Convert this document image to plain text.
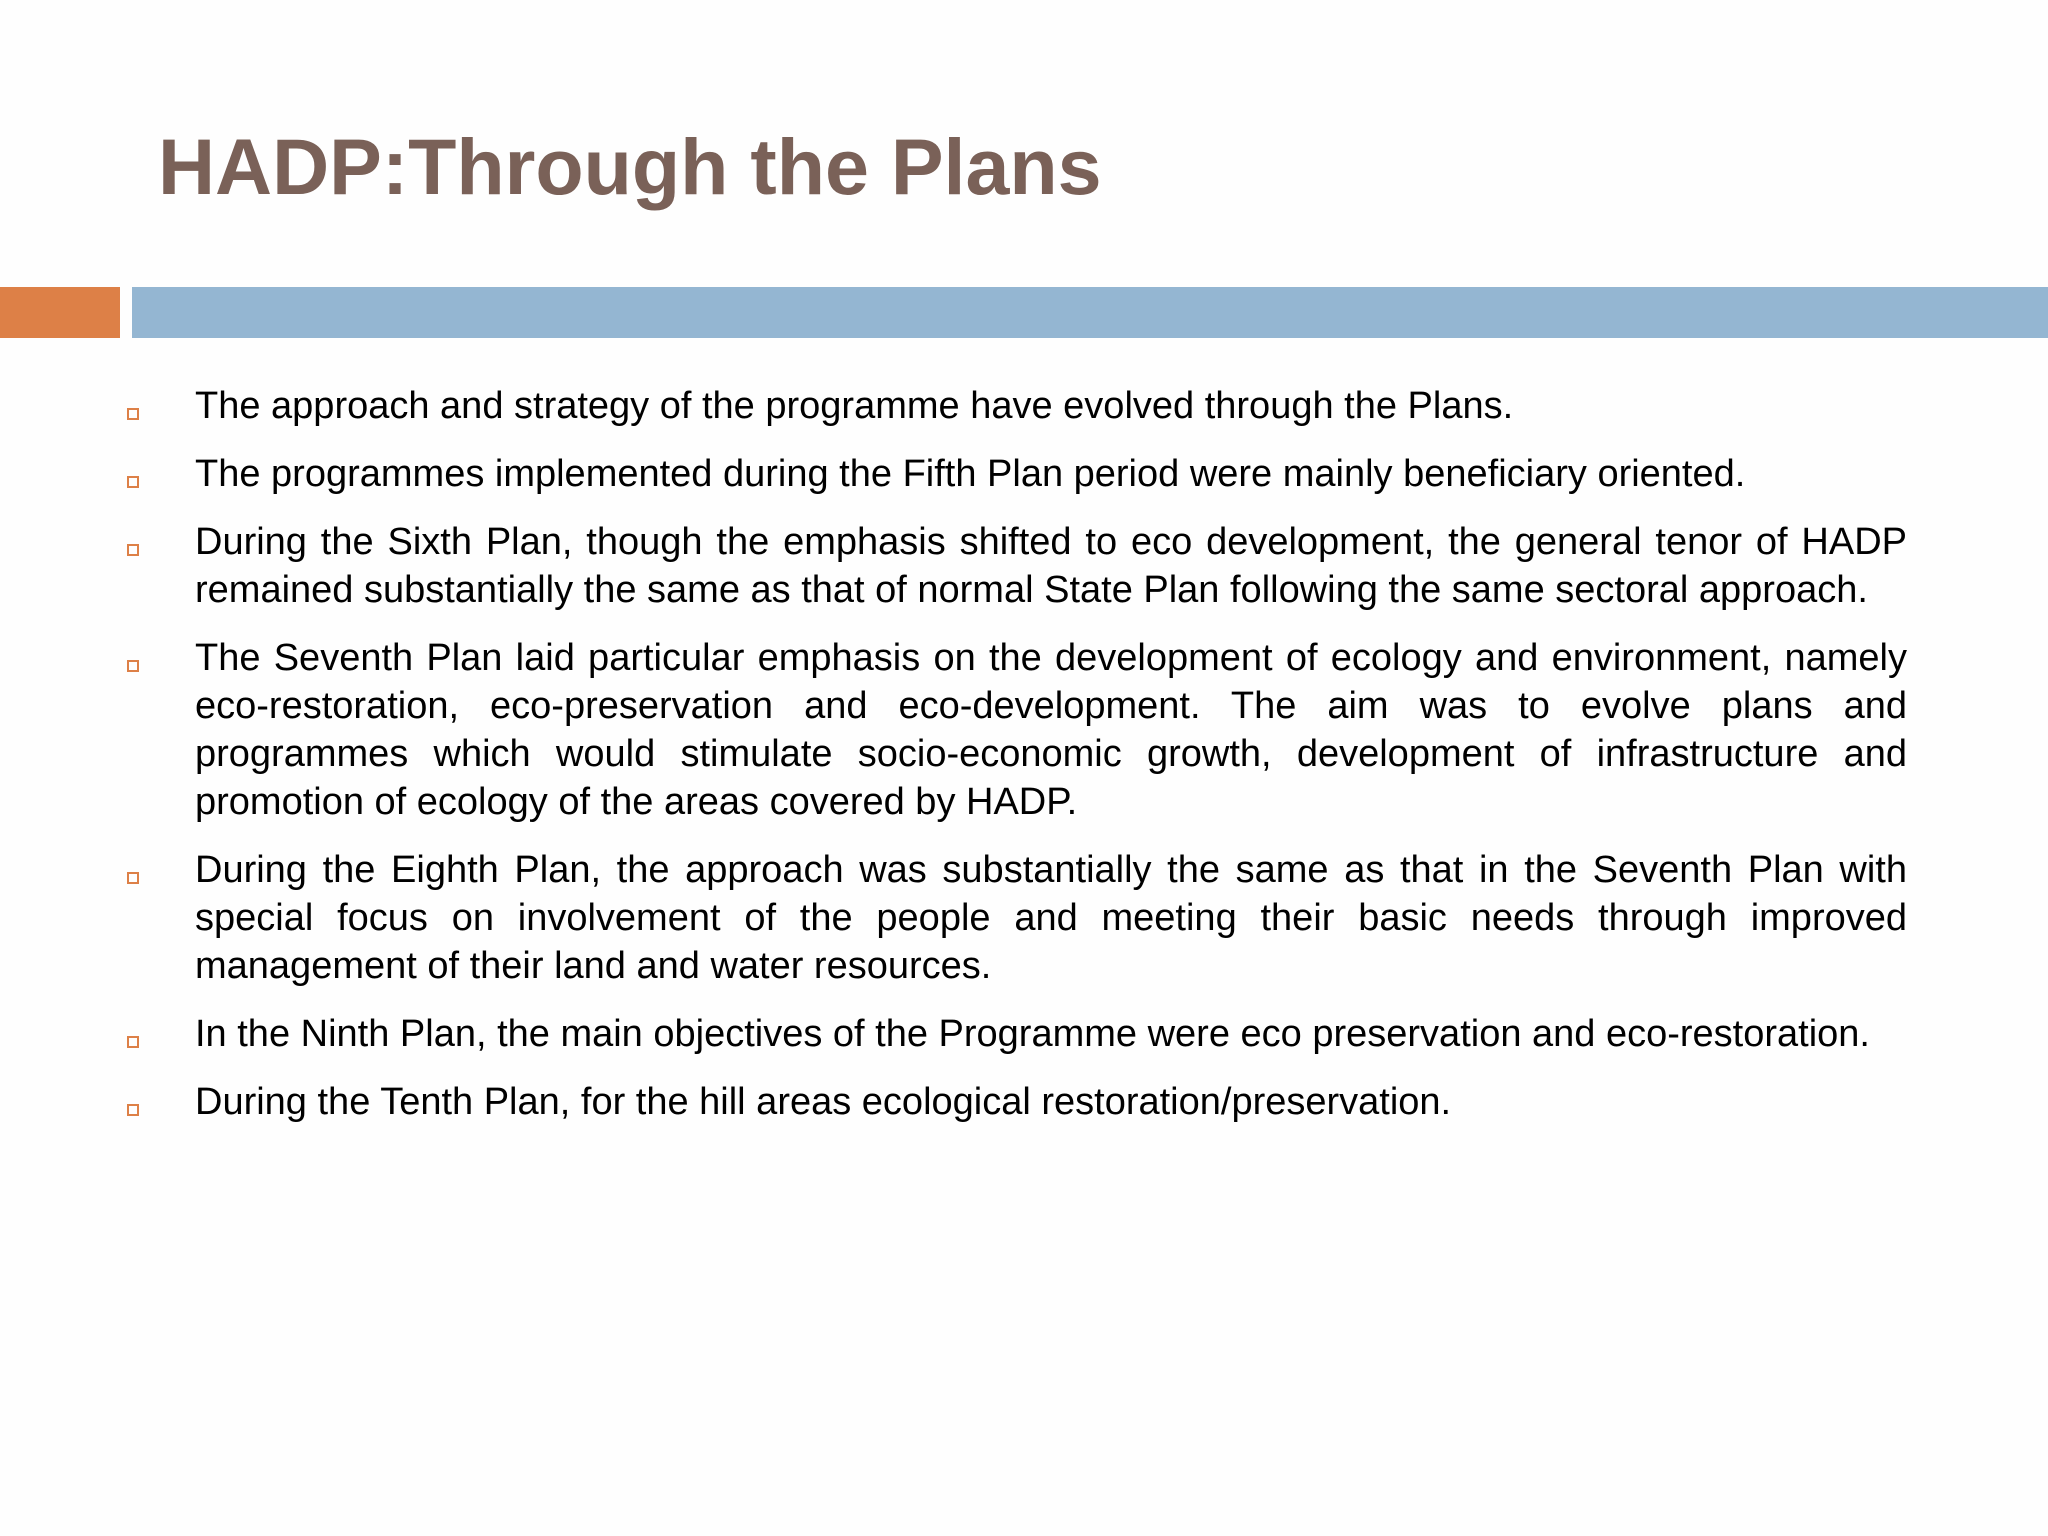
HADP:Through the Plans
The approach and strategy of the programme have evolved through the Plans.
The programmes implemented during the Fifth Plan period were mainly beneficiary oriented.
During the Sixth Plan, though the emphasis shifted to eco development, the general tenor of HADP remained substantially the same as that of normal State Plan following the same sectoral approach.
The Seventh Plan laid particular emphasis on the development of ecology and environment, namely eco-restoration, eco-preservation and eco-development. The aim was to evolve plans and programmes which would stimulate socio-economic growth, development of infrastructure and promotion of ecology of the areas covered by HADP.
During the Eighth Plan, the approach was substantially the same as that in the Seventh Plan with special focus on involvement of the people and meeting their basic needs through improved management of their land and water resources.
In the Ninth Plan, the main objectives of the Programme were eco preservation and eco-restoration.
During the Tenth Plan, for the hill areas ecological restoration/preservation.
